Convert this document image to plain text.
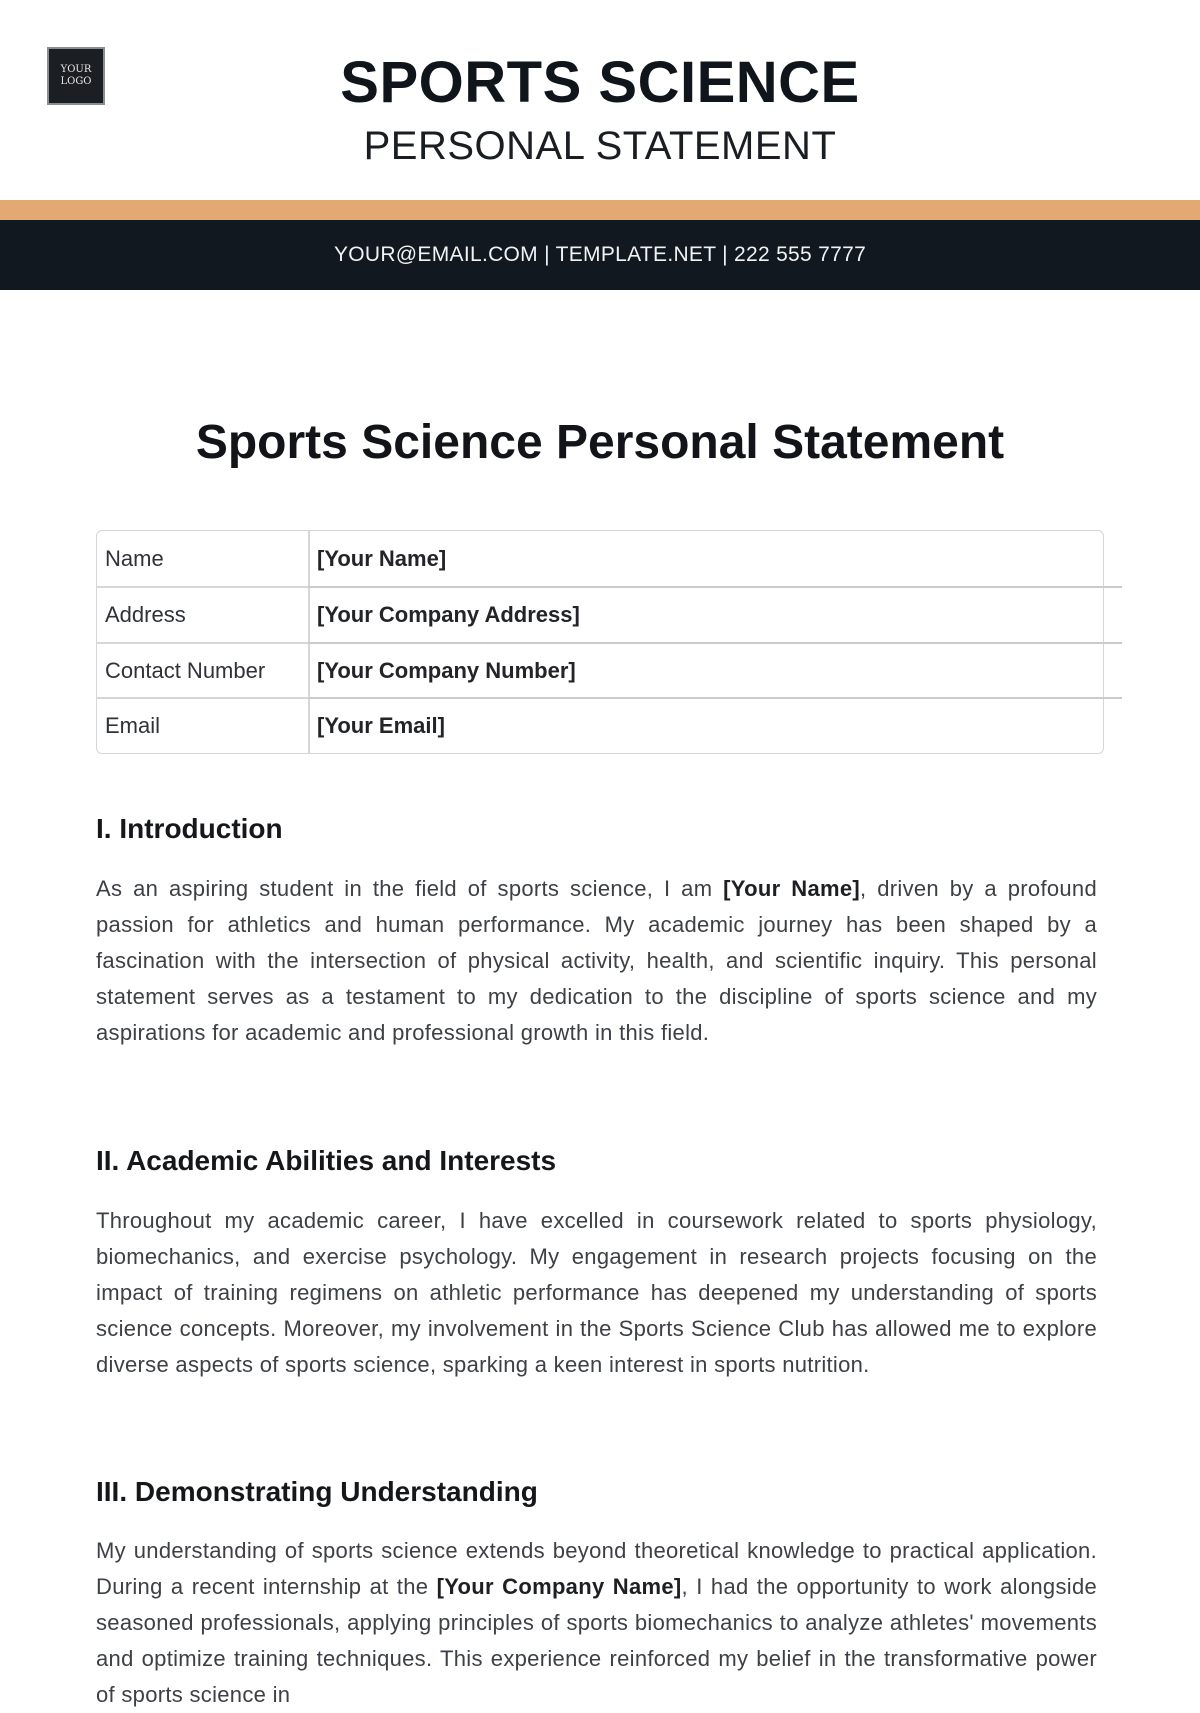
YOUR
LOGO	SPORTS SCIENCE
PERSONAL STATEMENT
YOUR@EMAIL.COM | TEMPLATE.NET | 222 555 7777
Sports Science Personal Statement
Name	[Your Name]
Address	[Your Company Address]
Contact Number [Your Company Number]
Email	[Your Email]
I. Introduction
As an aspiring student in the field of sports science, I am [Your Name], driven by a profound passion for athletics and human performance. My academic journey has been shaped by a fascination with the intersection of physical activity, health, and scientific inquiry. This personal statement serves as a testament to my dedication to the discipline of sports science and my aspirations for academic and professional growth in this field.
II. Academic Abilities and Interests
Throughout my academic career, I have excelled in coursework related to sports physiology, biomechanics, and exercise psychology. My engagement in research projects focusing on the impact of training regimens on athletic performance has deepened my understanding of sports science concepts. Moreover, my involvement in the Sports Science Club has allowed me to explore diverse aspects of sports science, sparking a keen interest in sports nutrition.
III. Demonstrating Understanding
My understanding of sports science extends beyond theoretical knowledge to practical application. During a recent internship at the [Your Company Name], I had the opportunity to work alongside seasoned professionals, applying principles of sports biomechanics to analyze athletes' movements and optimize training techniques. This experience reinforced my belief in the transformative power of sports science in
